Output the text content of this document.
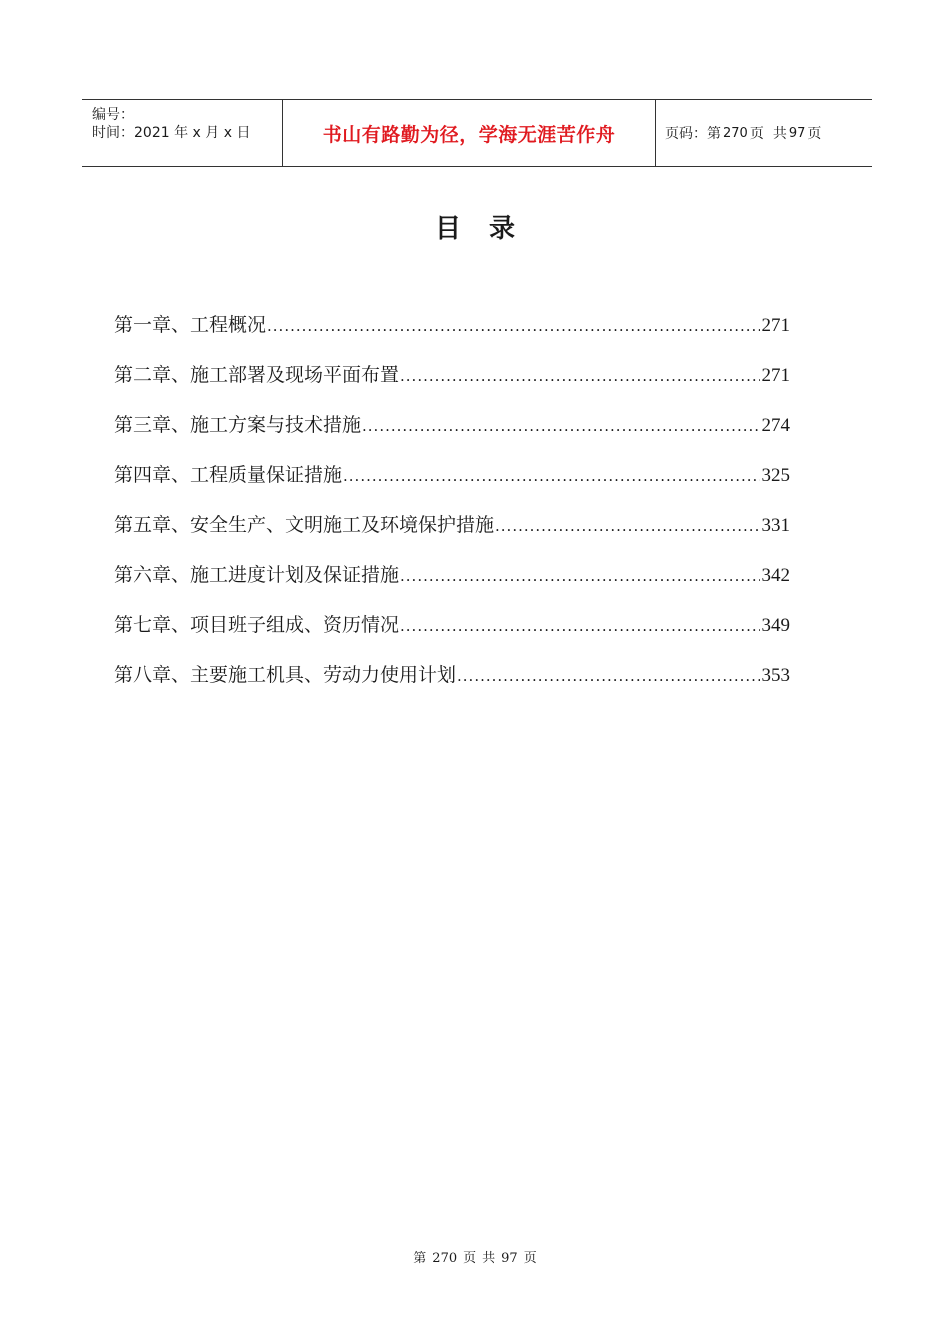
编号：
时间：2021 年 x 月 x 日	书山有路勤为径，学海无涯苦作舟	页码：第 270 页 共 97 页
目录
第一章、工程概况 .....	271
第二章、施工部署及现场平面布置 .....	271
第三章、施工方案与技术措施 .....	274
第四章、工程质量保证措施 .....	325
第五章、安全生产、文明施工及环境保护措施 .....	331
第六章、施工进度计划及保证措施 .....	342
第七章、项目班子组成、资历情况 .....	349
第八章、主要施工机具、劳动力使用计划 .....	353
第 270 页 共 97 页
